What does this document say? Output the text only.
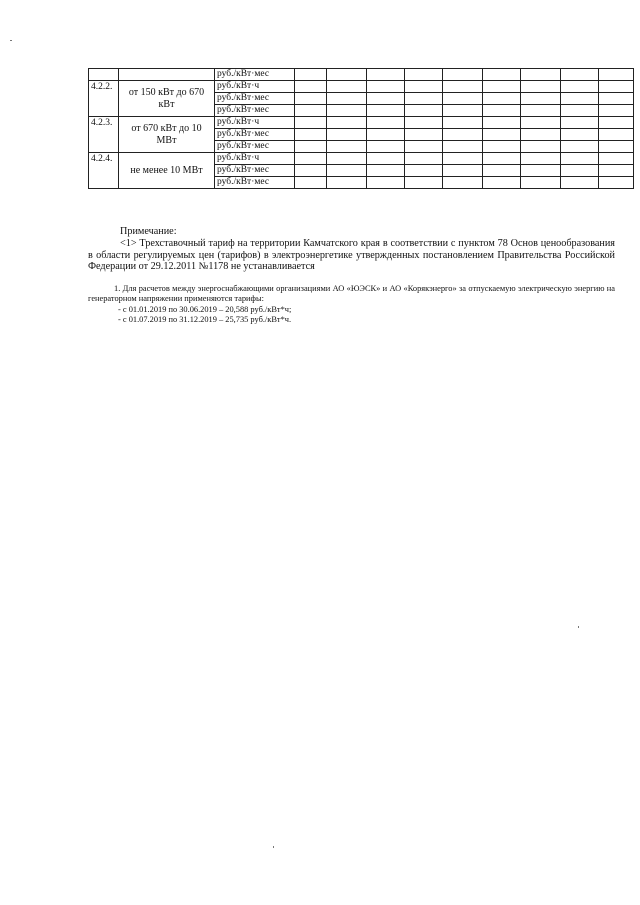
		руб./кВт·мес									
4.2.2.	от 150 кВт до 670 кВт	руб./кВт·ч									
		руб./кВт·мес									
		руб./кВт·мес									
4.2.3.	от 670 кВт до 10 МВт	руб./кВт·ч									
		руб./кВт·мес									
		руб./кВт·мес									
4.2.4.	не менее 10 МВт	руб./кВт·ч									
		руб./кВт·мес									
		руб./кВт·мес									

Примечание:

<1> Трехставочный тариф на территории Камчатского края в соответствии с пунктом 78 Основ ценообразования в области регулируемых цен (тарифов) в электроэнергетике утвержденных постановлением Правительства Российской Федерации от 29.12.2011 №1178 не устанавливается

1. Для расчетов между энергоснабжающими организациями АО «ЮЭСК» и АО «Корякэнерго» за отпускаемую электрическую энергию на генераторном напряжении применяются тарифы:

- с 01.01.2019 по 30.06.2019 – 20,588 руб./кВт*ч;

- с 01.07.2019 по 31.12.2019 – 25,735 руб./кВт*ч.
